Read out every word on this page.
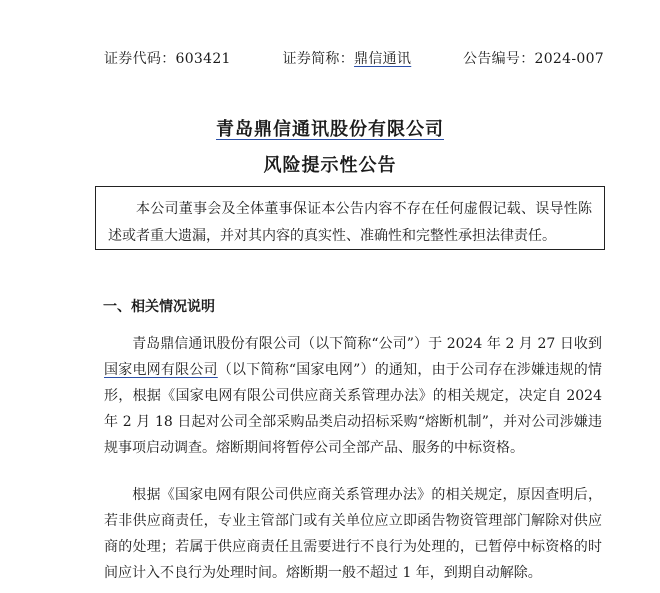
证券代码：603421	证券简称：鼎信通讯	公告编号：2024-007
青岛鼎信通讯股份有限公司
风险提示性公告
本公司董事会及全体董事保证本公告内容不存在任何虚假记载、误导性陈述或者重大遗漏，并对其内容的真实性、准确性和完整性承担法律责任。
一、相关情况说明

青岛鼎信通讯股份有限公司（以下简称“公司”）于 2024 年 2 月 27 日收到国家电网有限公司（以下简称“国家电网”）的通知，由于公司存在涉嫌违规的情形，根据《国家电网有限公司供应商关系管理办法》的相关规定，决定自 2024 年 2 月 18 日起对公司全部采购品类启动招标采购“熔断机制”，并对公司涉嫌违规事项启动调查。熔断期间将暂停公司全部产品、服务的中标资格。

根据《国家电网有限公司供应商关系管理办法》的相关规定，原因查明后，若非供应商责任，专业主管部门或有关单位应立即函告物资管理部门解除对供应商的处理；若属于供应商责任且需要进行不良行为处理的，已暂停中标资格的时间应计入不良行为处理时间。熔断期一般不超过 1 年，到期自动解除。
